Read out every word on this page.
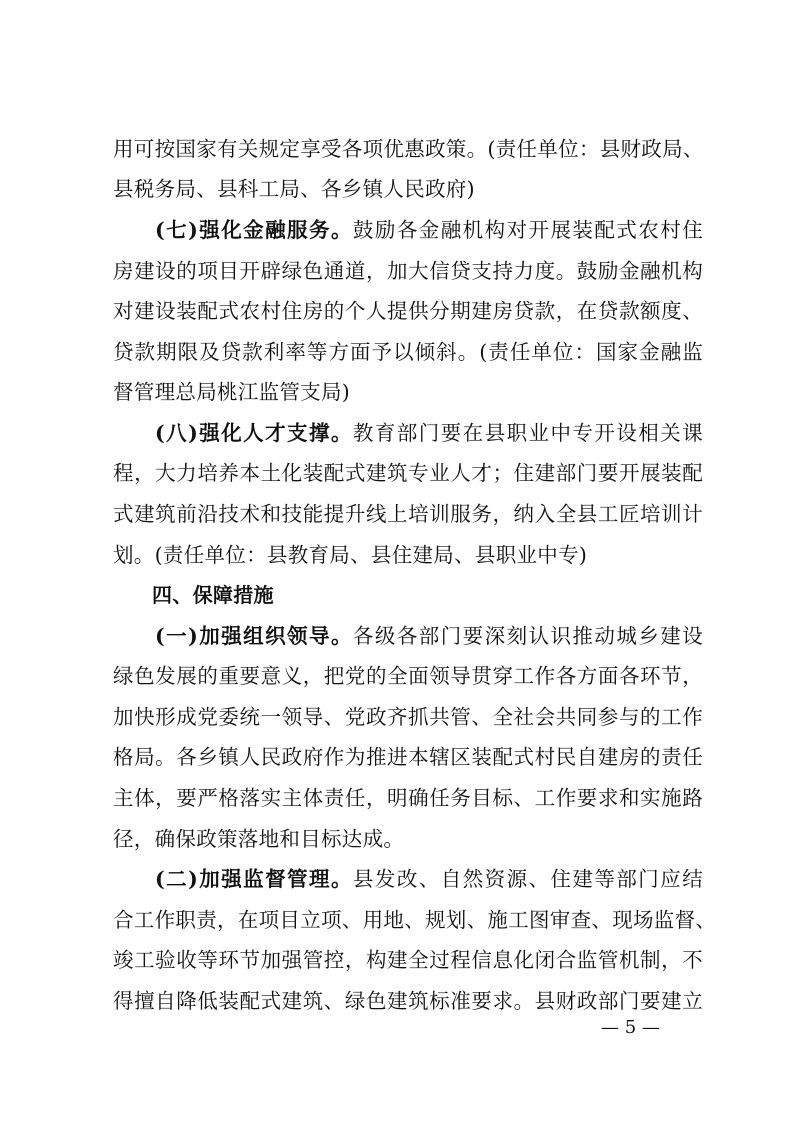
用可按国家有关规定享受各项优惠政策。(责任单位：县财政局、
县税务局、县科工局、各乡镇人民政府)
(七)强化金融服务。鼓励各金融机构对开展装配式农村住
房建设的项目开辟绿色通道，加大信贷支持力度。鼓励金融机构
对建设装配式农村住房的个人提供分期建房贷款，在贷款额度、
贷款期限及贷款利率等方面予以倾斜。(责任单位：国家金融监
督管理总局桃江监管支局)
(八)强化人才支撑。教育部门要在县职业中专开设相关课
程，大力培养本土化装配式建筑专业人才；住建部门要开展装配
式建筑前沿技术和技能提升线上培训服务，纳入全县工匠培训计
划。(责任单位：县教育局、县住建局、县职业中专)
四、保障措施
(一)加强组织领导。各级各部门要深刻认识推动城乡建设
绿色发展的重要意义，把党的全面领导贯穿工作各方面各环节，
加快形成党委统一领导、党政齐抓共管、全社会共同参与的工作
格局。各乡镇人民政府作为推进本辖区装配式村民自建房的责任
主体，要严格落实主体责任，明确任务目标、工作要求和实施路
径，确保政策落地和目标达成。
(二)加强监督管理。县发改、自然资源、住建等部门应结
合工作职责，在项目立项、用地、规划、施工图审查、现场监督、
竣工验收等环节加强管控，构建全过程信息化闭合监管机制，不
得擅自降低装配式建筑、绿色建筑标准要求。县财政部门要建立
— 5 —
